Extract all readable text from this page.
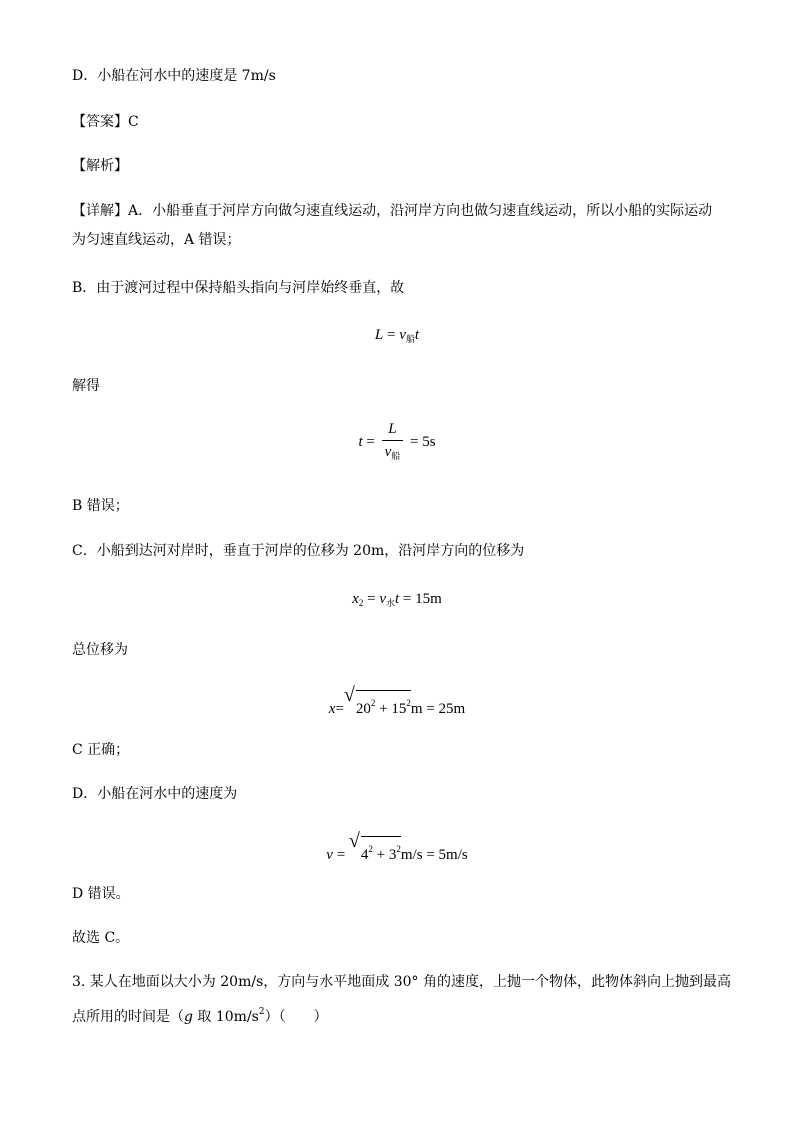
D．小船在河水中的速度是 7m/s
【答案】C
【解析】
【详解】A．小船垂直于河岸方向做匀速直线运动，沿河岸方向也做匀速直线运动，所以小船的实际运动为匀速直线运动，A 错误；
B．由于渡河过程中保持船头指向与河岸始终垂直，故
$L = v_船t$
解得
$t = \frac{L}{v_船} = 5s$
B 错误；
C．小船到达河对岸时，垂直于河岸的位移为 20m，沿河岸方向的位移为
$x_2 = v_水t = 15m$
总位移为
x=
√
$20^2 + 15^2m = 25m$
C 正确；
D．小船在河水中的速度为
v =
√
$4^2 + 3^2m/s = 5m/s$
D 错误。
故选 C。
3. 某人在地面以大小为 20m/s，方向与水平地面成 30° 角的速度，上抛一个物体，此物体斜向上抛到最高
点所用的时间是（g 取 $10m/s^2$）（　　）
